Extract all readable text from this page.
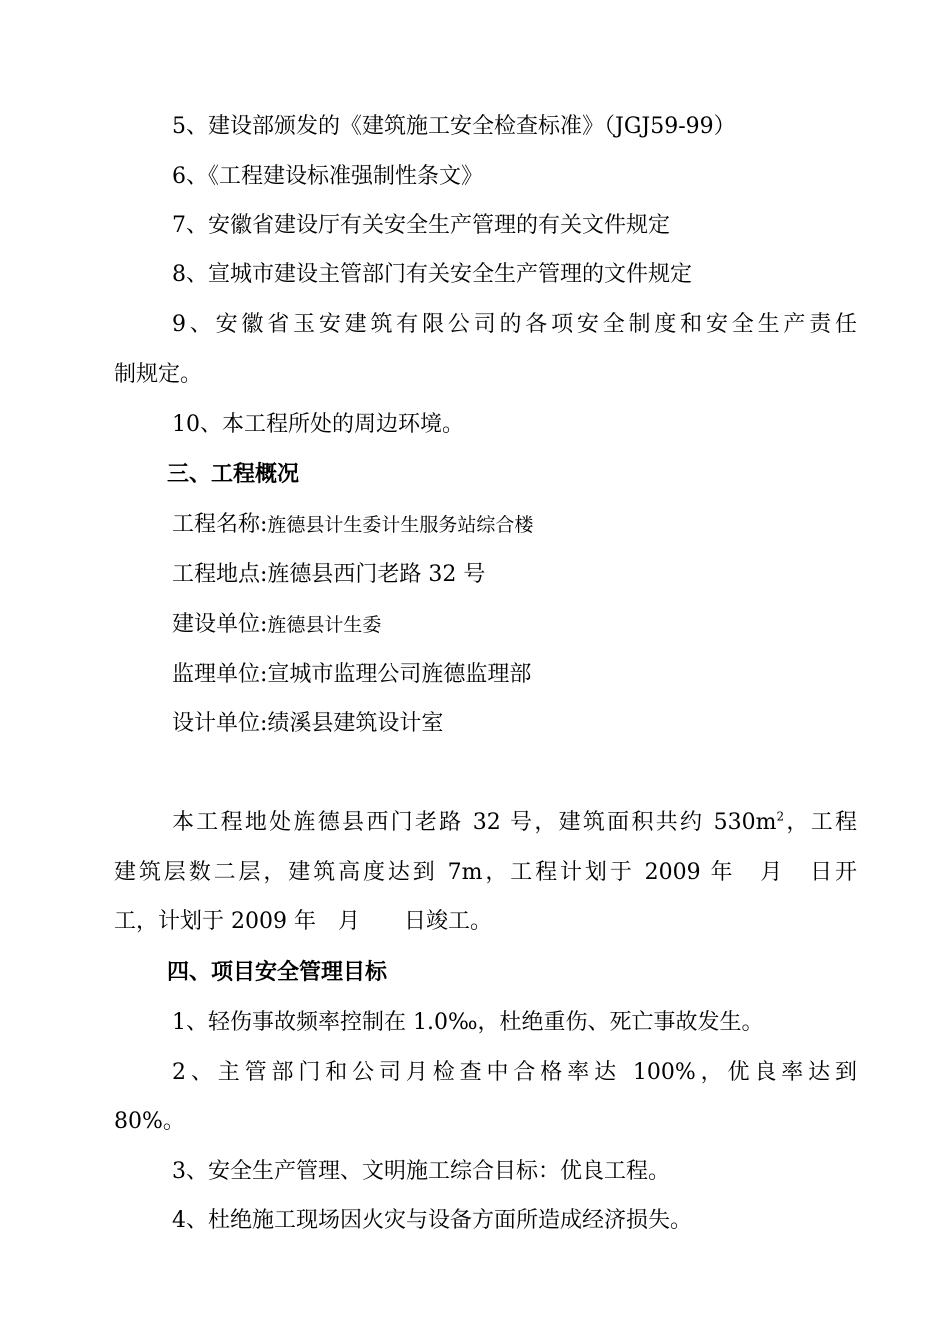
5、建设部颁发的《建筑施工安全检查标准》（JGJ59-99）
6、《工程建设标准强制性条文》
7、安徽省建设厅有关安全生产管理的有关文件规定
8、宣城市建设主管部门有关安全生产管理的文件规定
9、安徽省玉安建筑有限公司的各项安全制度和安全生产责任
制规定。
10、本工程所处的周边环境。
三、工程概况
工程名称:旌德县计生委计生服务站综合楼
工程地点:旌德县西门老路 32 号
建设单位:旌德县计生委
监理单位:宣城市监理公司旌德监理部
设计单位:绩溪县建筑设计室
本工程地处旌德县西门老路 32 号，建筑面积共约 $530m^2$，工程
建筑层数二层，建筑高度达到 7m，工程计划于 2009 年　月　日开
工，计划于 2009 年　月　　日竣工。
四、项目安全管理目标
1、轻伤事故频率控制在 1.0‰，杜绝重伤、死亡事故发生。
2、主管部门和公司月检查中合格率达 100%，优良率达到
80%。
3、安全生产管理、文明施工综合目标：优良工程。
4、杜绝施工现场因火灾与设备方面所造成经济损失。
